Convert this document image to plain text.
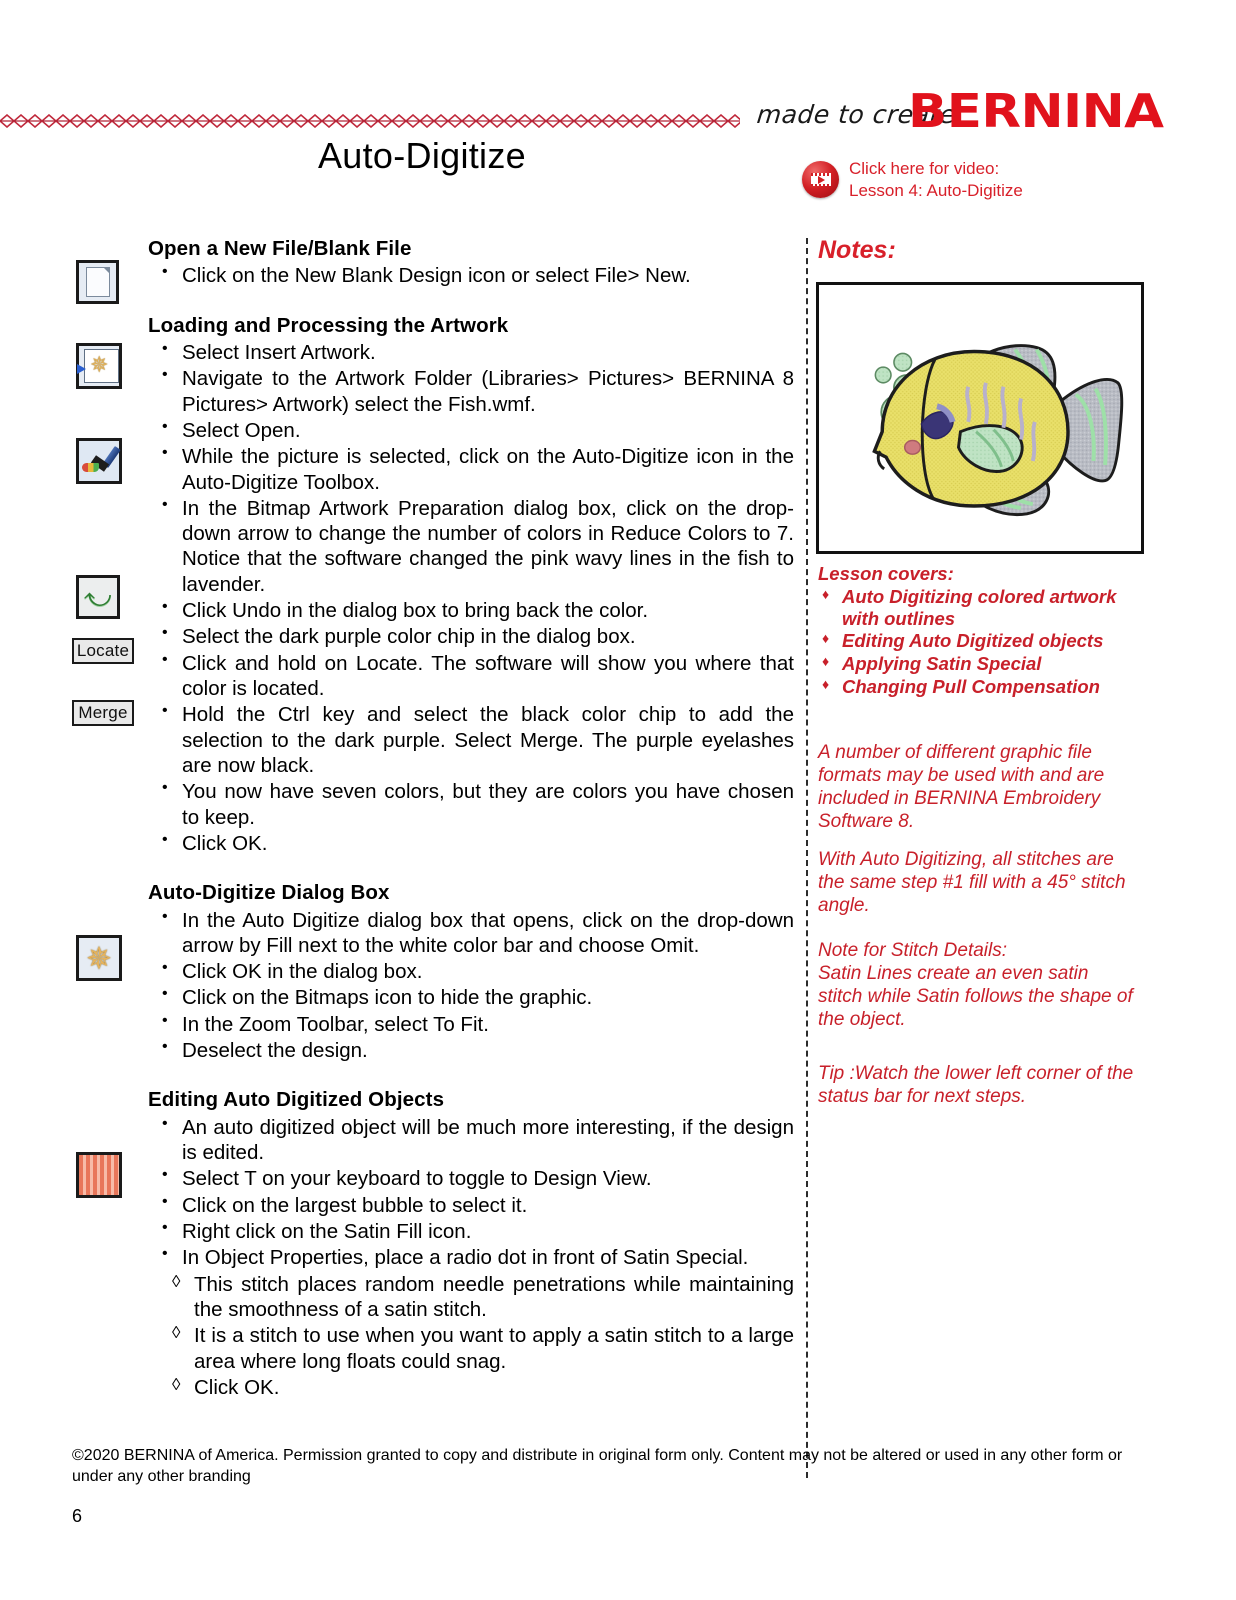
made to create
BERNINA
Auto-Digitize	Click here for video:
Lesson 4: Auto-Digitize
✵
⤻
Locate
Merge
✵
Open a New File/Blank File
• Click on the New Blank Design icon or select File> New.
Loading and Processing the Artwork
• Select Insert Artwork.
• Navigate to the Artwork Folder (Libraries> Pictures> BERNINA 8 Pictures> Artwork) select the Fish.wmf.
• Select Open.
• While the picture is selected, click on the Auto-Digitize icon in the Auto-Digitize Toolbox.
• In the Bitmap Artwork Preparation dialog box, click on the drop-down arrow to change the number of colors in Reduce Colors to 7. Notice that the software changed the pink wavy lines in the fish to lavender.
• Click Undo in the dialog box to bring back the color.
• Select the dark purple color chip in the dialog box.
• Click and hold on Locate. The software will show you where that color is located.
• Hold the Ctrl key and select the black color chip to add the selection to the dark purple. Select Merge. The purple eyelashes are now black.
• You now have seven colors, but they are colors you have chosen to keep.
• Click OK.
Auto-Digitize Dialog Box
• In the Auto Digitize dialog box that opens, click on the drop-down arrow by Fill next to the white color bar and choose Omit.
• Click OK in the dialog box.
• Click on the Bitmaps icon to hide the graphic.
• In the Zoom Toolbar, select To Fit.
• Deselect the design.
Editing Auto Digitized Objects
• An auto digitized object will be much more interesting, if the design is edited.
• Select T on your keyboard to toggle to Design View.
• Click on the largest bubble to select it.
• Right click on the Satin Fill icon.
• In Object Properties, place a radio dot in front of Satin Special.
◊ This stitch places random needle penetrations while maintaining the smoothness of a satin stitch.
◊ It is a stitch to use when you want to apply a satin stitch to a large area where long floats could snag.
◊ Click OK.
Notes:
Lesson covers:
♦ Auto Digitizing colored artwork with outlines
♦ Editing Auto Digitized objects
♦ Applying Satin Special
♦ Changing Pull Compensation
A number of different graphic file formats may be used with and are included in BERNINA Embroidery Software 8.
With Auto Digitizing, all stitches are the same step #1 fill with a 45° stitch angle.
Note for Stitch Details:
Satin Lines create an even satin stitch while Satin follows the shape of the object.
Tip :Watch the lower left corner of the status bar for next steps.
©2020 BERNINA of America. Permission granted to copy and distribute in original form only. Content may not be altered or used in any other form or under any other branding
6
